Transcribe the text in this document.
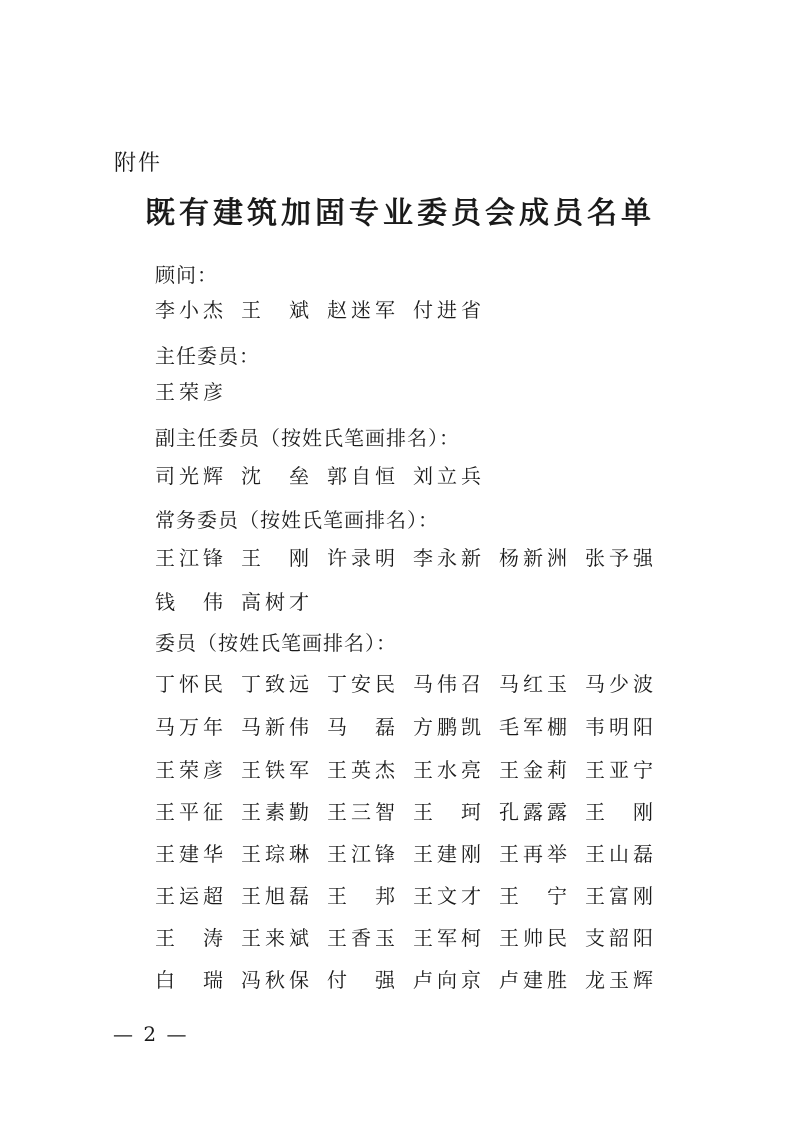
附件
既有建筑加固专业委员会成员名单
顾问：
李小杰 王　斌 赵迷军 付进省
主任委员：
王荣彦
副主任委员（按姓氏笔画排名）：
司光辉 沈　垒 郭自恒 刘立兵
常务委员（按姓氏笔画排名）：
王江锋 王　刚 许录明 李永新 杨新洲 张予强
钱　伟 高树才
委员（按姓氏笔画排名）：
丁怀民 丁致远 丁安民 马伟召 马红玉 马少波
马万年 马新伟 马　磊 方鹏凯 毛军棚 韦明阳
王荣彦 王铁军 王英杰 王水亮 王金莉 王亚宁
王平征 王素勤 王三智 王　珂 孔露露 王　刚
王建华 王琮琳 王江锋 王建刚 王再举 王山磊
王运超 王旭磊 王　邦 王文才 王　宁 王富刚
王　涛 王来斌 王香玉 王军柯 王帅民 支韶阳
白　瑞 冯秋保 付　强 卢向京 卢建胜 龙玉辉
— 2 —
